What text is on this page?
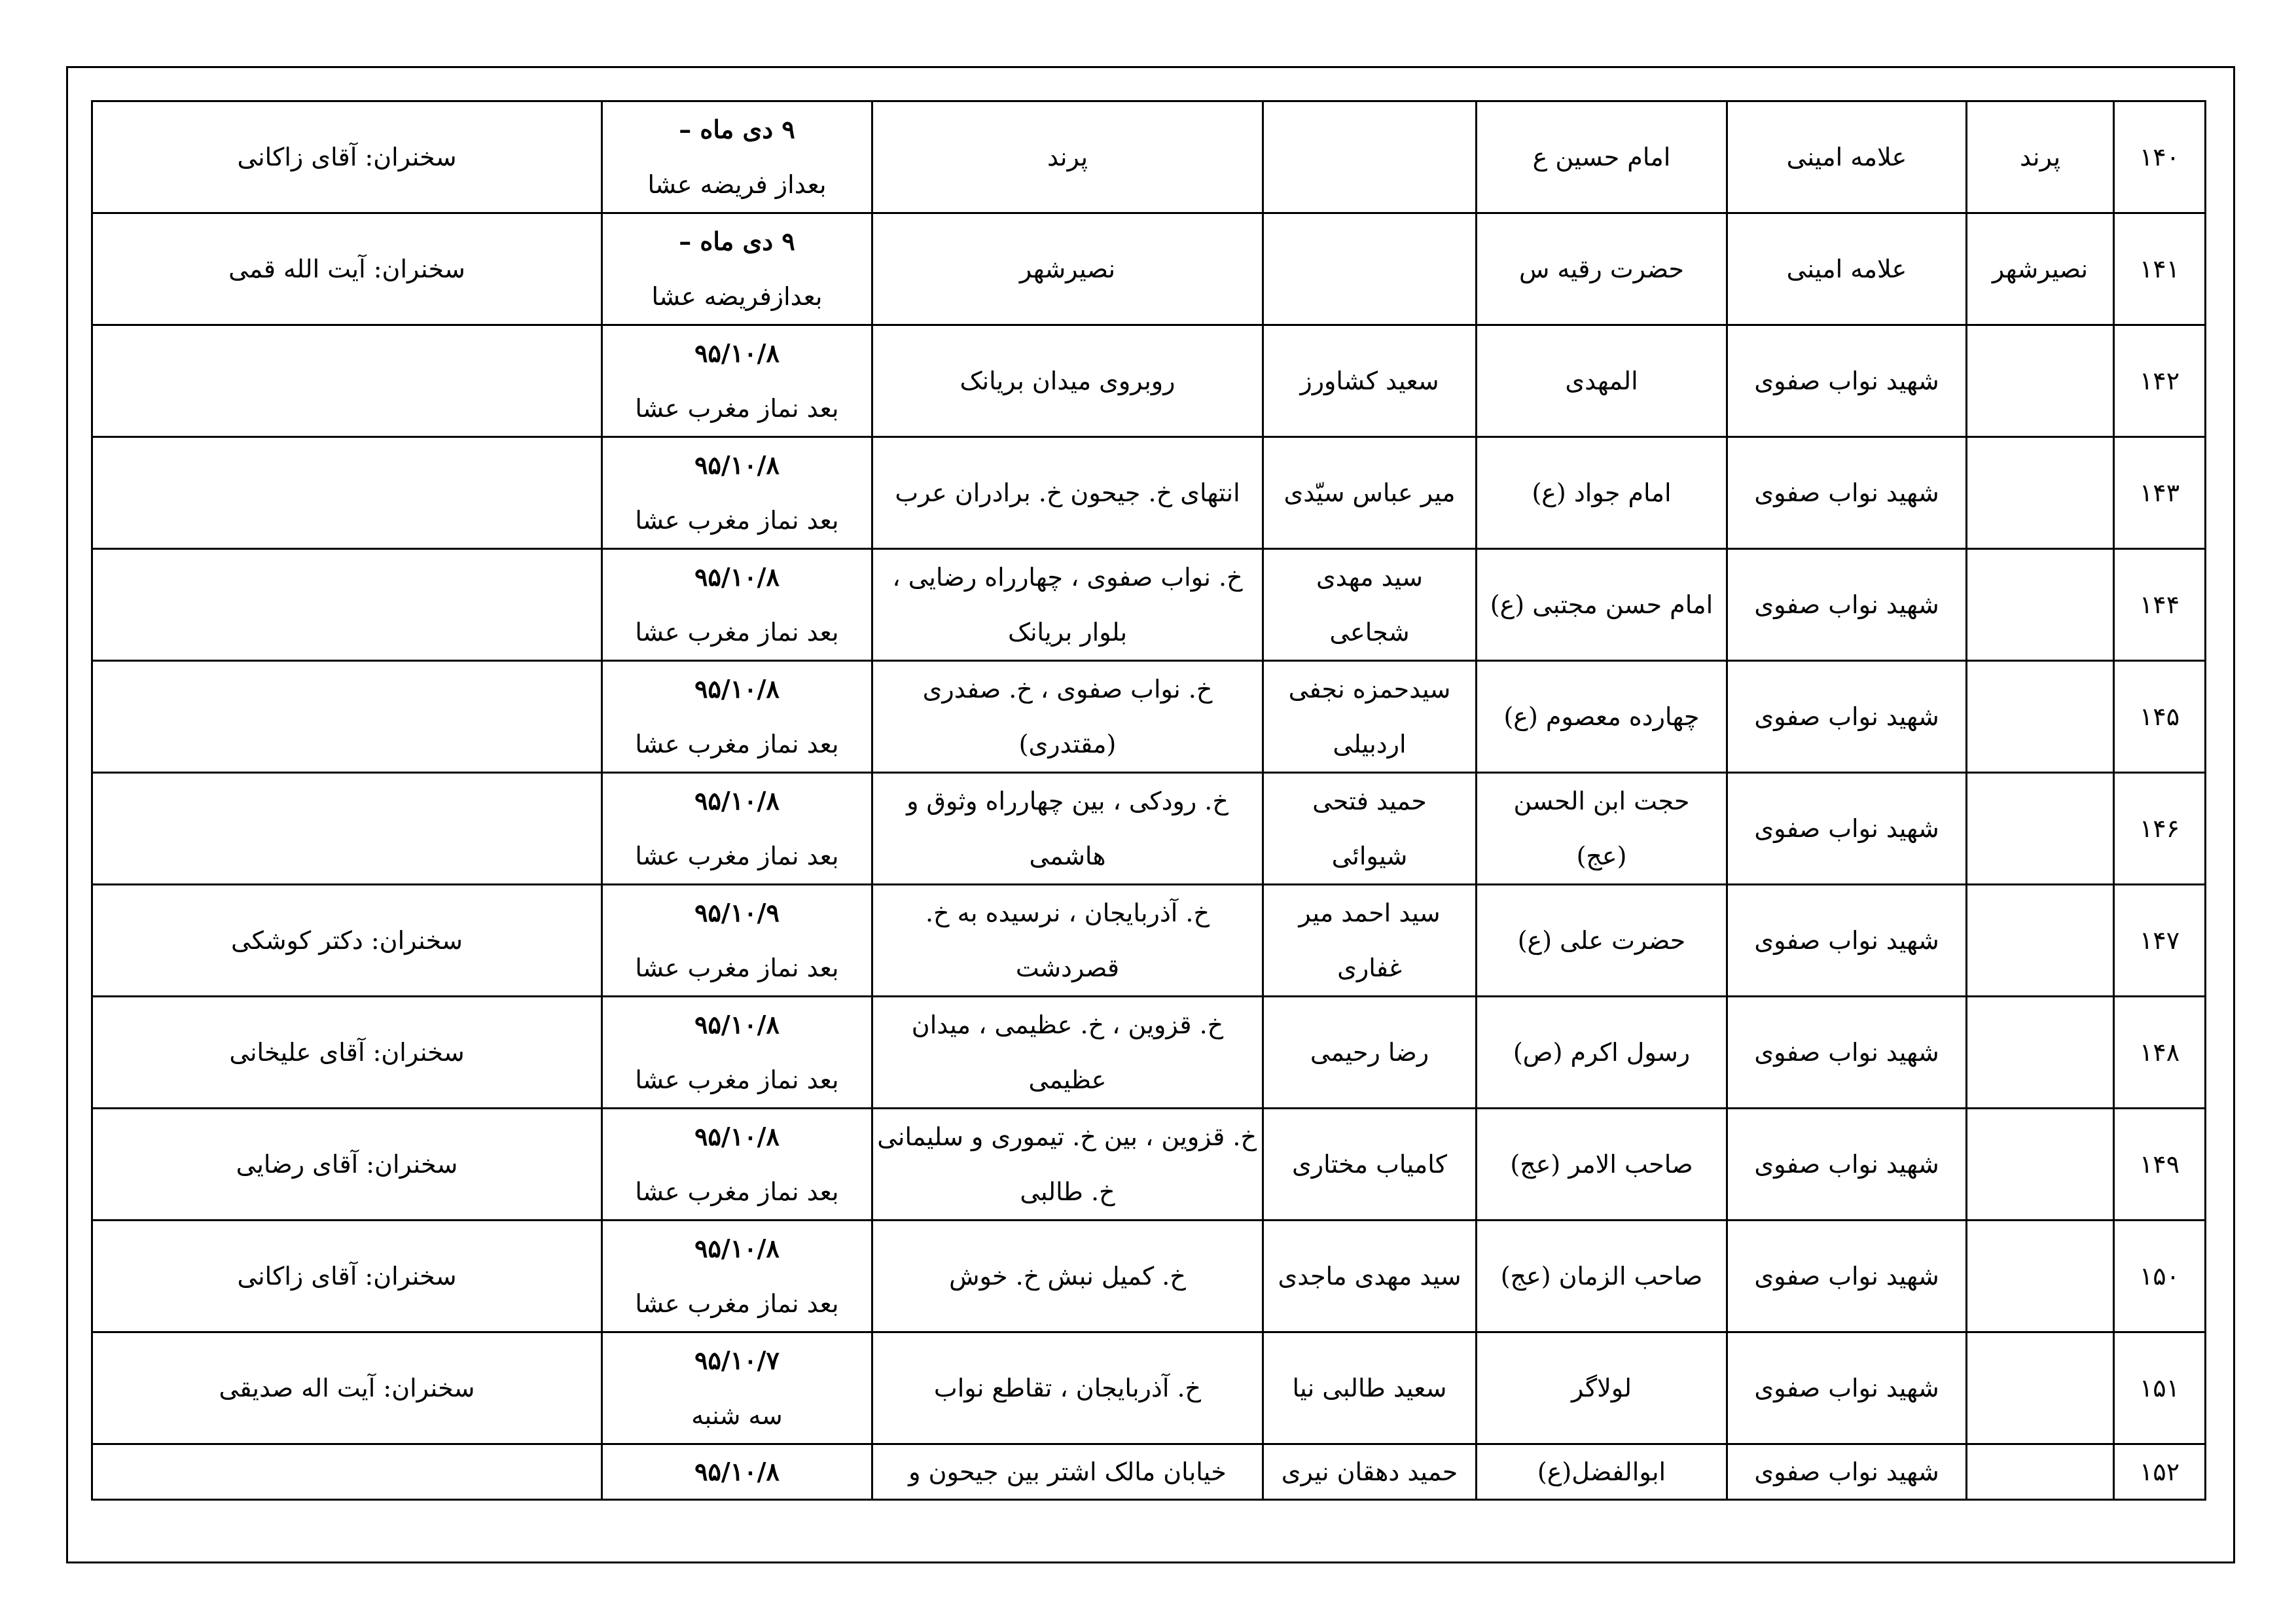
۱۴۰	پرند	علامه امینی	امام حسین ع		پرند	۹ دی ماه –
بعداز فریضه عشا	سخنران: آقای زاکانی

۱۴۱	نصیرشهر	علامه امینی	حضرت رقیه س		نصیرشهر	۹ دی ماه –
بعدازفریضه عشا	سخنران: آیت الله قمی

۱۴۲		شهید نواب صفوی	المهدی	سعید کشاورز	روبروی میدان بریانک	۹۵/۱۰/۸
بعد نماز مغرب عشا	

۱۴۳		شهید نواب صفوی	امام جواد (ع)	میر عباس سیّدی	انتهای خ. جیحون خ. برادران عرب	۹۵/۱۰/۸
بعد نماز مغرب عشا	

۱۴۴		شهید نواب صفوی	امام حسن مجتبی (ع)	سید مهدی
شجاعی	خ. نواب صفوی ، چهارراه رضایی ،
بلوار بریانک	۹۵/۱۰/۸
بعد نماز مغرب عشا	

۱۴۵		شهید نواب صفوی	چهارده معصوم (ع)	سیدحمزه نجفی
اردبیلی	خ. نواب صفوی ، خ. صفدری
(مقتدری)	۹۵/۱۰/۸
بعد نماز مغرب عشا	

۱۴۶		شهید نواب صفوی	حجت ابن الحسن
(عج)	حمید فتحی
شیوائی	خ. رودکی ، بین چهارراه وثوق و
هاشمی	۹۵/۱۰/۸
بعد نماز مغرب عشا	

۱۴۷		شهید نواب صفوی	حضرت علی (ع)	سید احمد میر
غفاری	خ. آذربایجان ، نرسیده به خ.
قصردشت	۹۵/۱۰/۹
بعد نماز مغرب عشا	سخنران: دکتر کوشکی

۱۴۸		شهید نواب صفوی	رسول اکرم (ص)	رضا رحیمی	خ. قزوین ، خ. عظیمی ، میدان
عظیمی	۹۵/۱۰/۸
بعد نماز مغرب عشا	سخنران: آقای علیخانی

۱۴۹		شهید نواب صفوی	صاحب الامر (عج)	کامیاب مختاری	خ. قزوین ، بین خ. تیموری و سلیمانی
خ. طالبی	۹۵/۱۰/۸
بعد نماز مغرب عشا	سخنران: آقای رضایی

۱۵۰		شهید نواب صفوی	صاحب الزمان (عج)	سید مهدی ماجدی	خ. کمیل نبش خ. خوش	۹۵/۱۰/۸
بعد نماز مغرب عشا	سخنران: آقای زاکانی

۱۵۱		شهید نواب صفوی	لولاگر	سعید طالبی نیا	خ. آذربایجان ، تقاطع نواب	۹۵/۱۰/۷
سه شنبه	سخنران: آیت اله صدیقی

۱۵۲		شهید نواب صفوی	ابوالفضل(ع)	حمید دهقان نیری	خیابان مالک اشتر بین جیحون و	۹۵/۱۰/۸	
